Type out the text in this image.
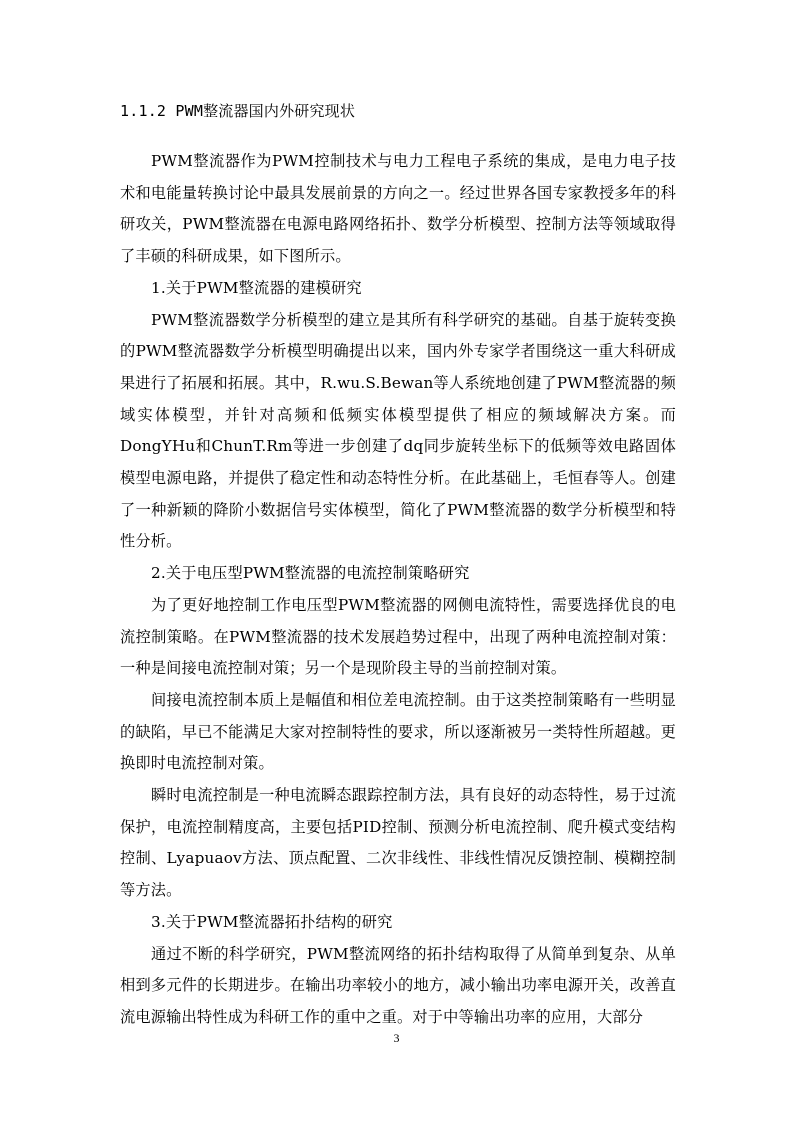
1.1.2 PWM整流器国内外研究现状

PWM整流器作为PWM控制技术与电力工程电子系统的集成，是电力电子技术和电能量转换讨论中最具发展前景的方向之一。经过世界各国专家教授多年的科研攻关，PWM整流器在电源电路网络拓扑、数学分析模型、控制方法等领域取得了丰硕的科研成果，如下图所示。

1.关于PWM整流器的建模研究

PWM整流器数学分析模型的建立是其所有科学研究的基础。自基于旋转变换的PWM整流器数学分析模型明确提出以来，国内外专家学者围绕这一重大科研成果进行了拓展和拓展。其中，R.wu.S.Bewan等人系统地创建了PWM整流器的频域实体模型，并针对高频和低频实体模型提供了相应的频域解决方案。而DongYHu和ChunT.Rm等进一步创建了dq同步旋转坐标下的低频等效电路固体模型电源电路，并提供了稳定性和动态特性分析。在此基础上，毛恒春等人。创建了一种新颖的降阶小数据信号实体模型，简化了PWM整流器的数学分析模型和特性分析。

2.关于电压型PWM整流器的电流控制策略研究

为了更好地控制工作电压型PWM整流器的网侧电流特性，需要选择优良的电流控制策略。在PWM整流器的技术发展趋势过程中，出现了两种电流控制对策：一种是间接电流控制对策；另一个是现阶段主导的当前控制对策。

间接电流控制本质上是幅值和相位差电流控制。由于这类控制策略有一些明显的缺陷，早已不能满足大家对控制特性的要求，所以逐渐被另一类特性所超越。更换即时电流控制对策。

瞬时电流控制是一种电流瞬态跟踪控制方法，具有良好的动态特性，易于过流保护，电流控制精度高，主要包括PID控制、预测分析电流控制、爬升模式变结构控制、Lyapuaov方法、顶点配置、二次非线性、非线性情况反馈控制、模糊控制等方法。

3.关于PWM整流器拓扑结构的研究

通过不断的科学研究，PWM整流网络的拓扑结构取得了从简单到复杂、从单相到多元件的长期进步。在输出功率较小的地方，减小输出功率电源开关，改善直流电源输出特性成为科研工作的重中之重。对于中等输出功率的应用，大部分

3
